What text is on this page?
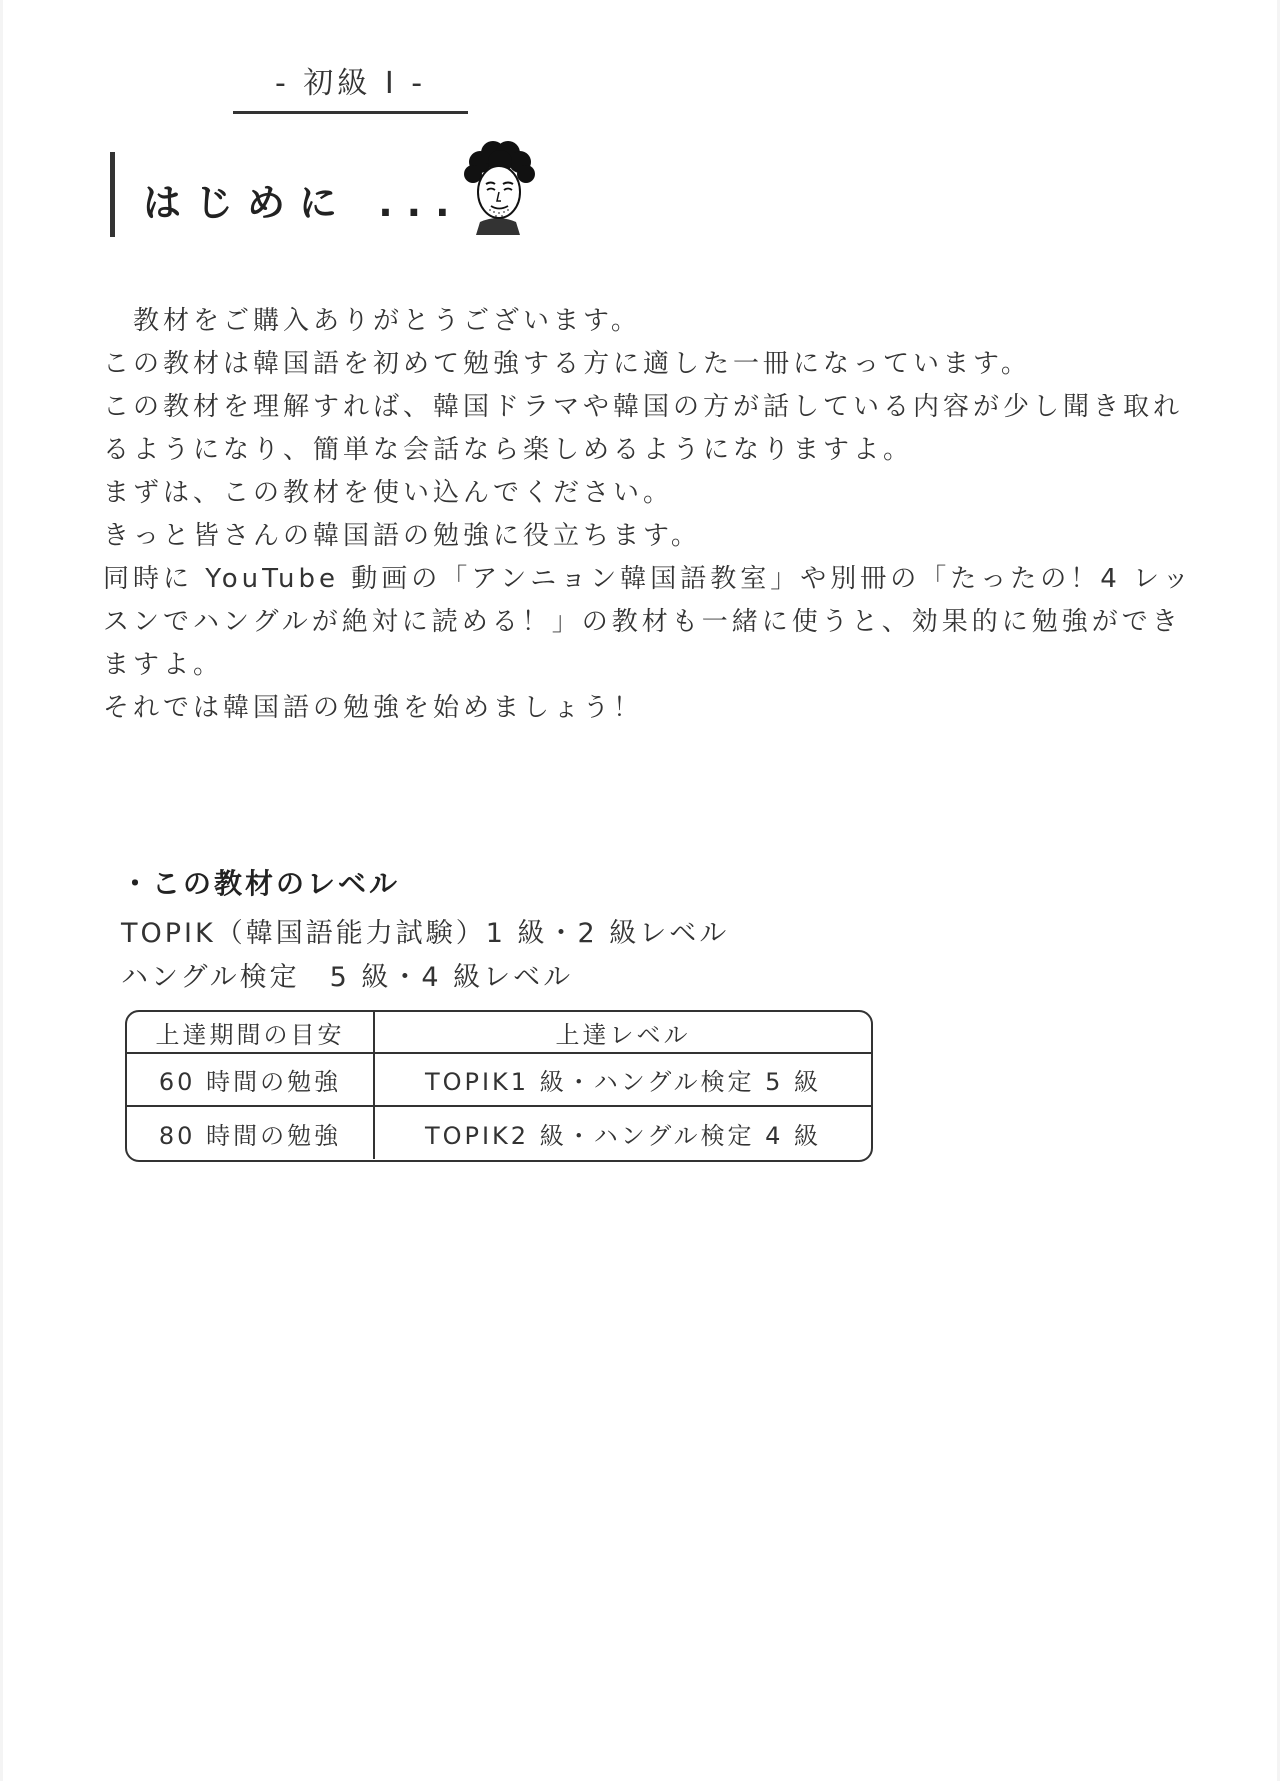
- 初級 I -
はじめに ...

教材をご購入ありがとうございます。

この教材は韓国語を初めて勉強する方に適した一冊になっています。

この教材を理解すれば、韓国ドラマや韓国の方が話している内容が少し聞き取れるようになり、簡単な会話なら楽しめるようになりますよ。

まずは、この教材を使い込んでください。

きっと皆さんの韓国語の勉強に役立ちます。

同時に YouTube 動画の「アンニョン韓国語教室」や別冊の「たったの！4 レッスンでハングルが絶対に読める！」の教材も一緒に使うと、効果的に勉強ができますよ。

それでは韓国語の勉強を始めましょう！

・この教材のレベル
TOPIK（韓国語能力試験）1 級・2 級レベル
ハングル検定　5 級・4 級レベル
上達期間の目安	上達レベル
60 時間の勉強	TOPIK1 級・ハングル検定 5 級
80 時間の勉強	TOPIK2 級・ハングル検定 4 級
